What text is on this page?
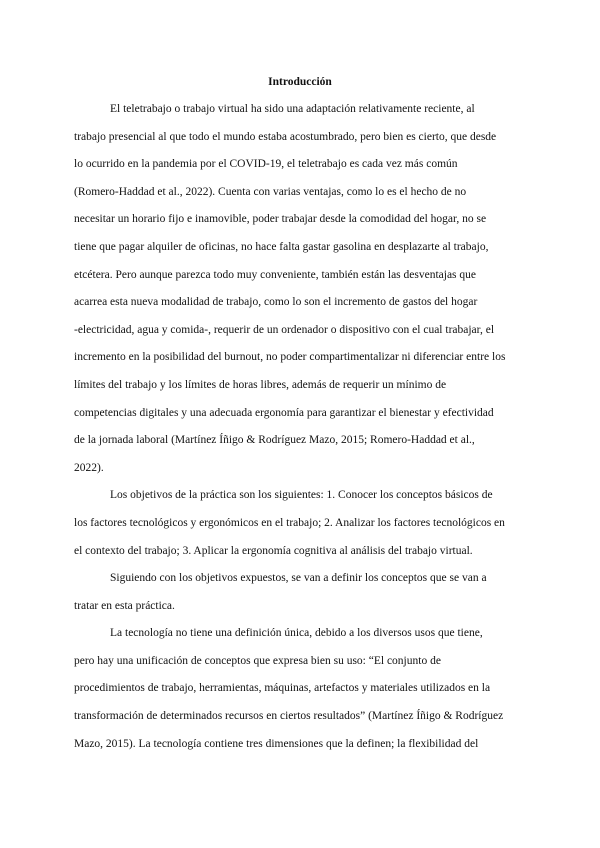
Introducción

El teletrabajo o trabajo virtual ha sido una adaptación relativamente reciente, al
trabajo presencial al que todo el mundo estaba acostumbrado, pero bien es cierto, que desde
lo ocurrido en la pandemia por el COVID-19, el teletrabajo es cada vez más común
(Romero-Haddad et al., 2022). Cuenta con varias ventajas, como lo es el hecho de no
necesitar un horario fijo e inamovible, poder trabajar desde la comodidad del hogar, no se
tiene que pagar alquiler de oficinas, no hace falta gastar gasolina en desplazarte al trabajo,
etcétera. Pero aunque parezca todo muy conveniente, también están las desventajas que
acarrea esta nueva modalidad de trabajo, como lo son el incremento de gastos del hogar
-electricidad, agua y comida-, requerir de un ordenador o dispositivo con el cual trabajar, el
incremento en la posibilidad del burnout, no poder compartimentalizar ni diferenciar entre los
límites del trabajo y los límites de horas libres, además de requerir un mínimo de
competencias digitales y una adecuada ergonomía para garantizar el bienestar y efectividad
de la jornada laboral (Martínez Íñigo & Rodríguez Mazo, 2015; Romero-Haddad et al.,
2022).

Los objetivos de la práctica son los siguientes: 1. Conocer los conceptos básicos de
los factores tecnológicos y ergonómicos en el trabajo; 2. Analizar los factores tecnológicos en
el contexto del trabajo; 3. Aplicar la ergonomía cognitiva al análisis del trabajo virtual.

Siguiendo con los objetivos expuestos, se van a definir los conceptos que se van a
tratar en esta práctica.

La tecnología no tiene una definición única, debido a los diversos usos que tiene,
pero hay una unificación de conceptos que expresa bien su uso: “El conjunto de
procedimientos de trabajo, herramientas, máquinas, artefactos y materiales utilizados en la
transformación de determinados recursos en ciertos resultados” (Martínez Íñigo & Rodríguez
Mazo, 2015). La tecnología contiene tres dimensiones que la definen; la flexibilidad del
